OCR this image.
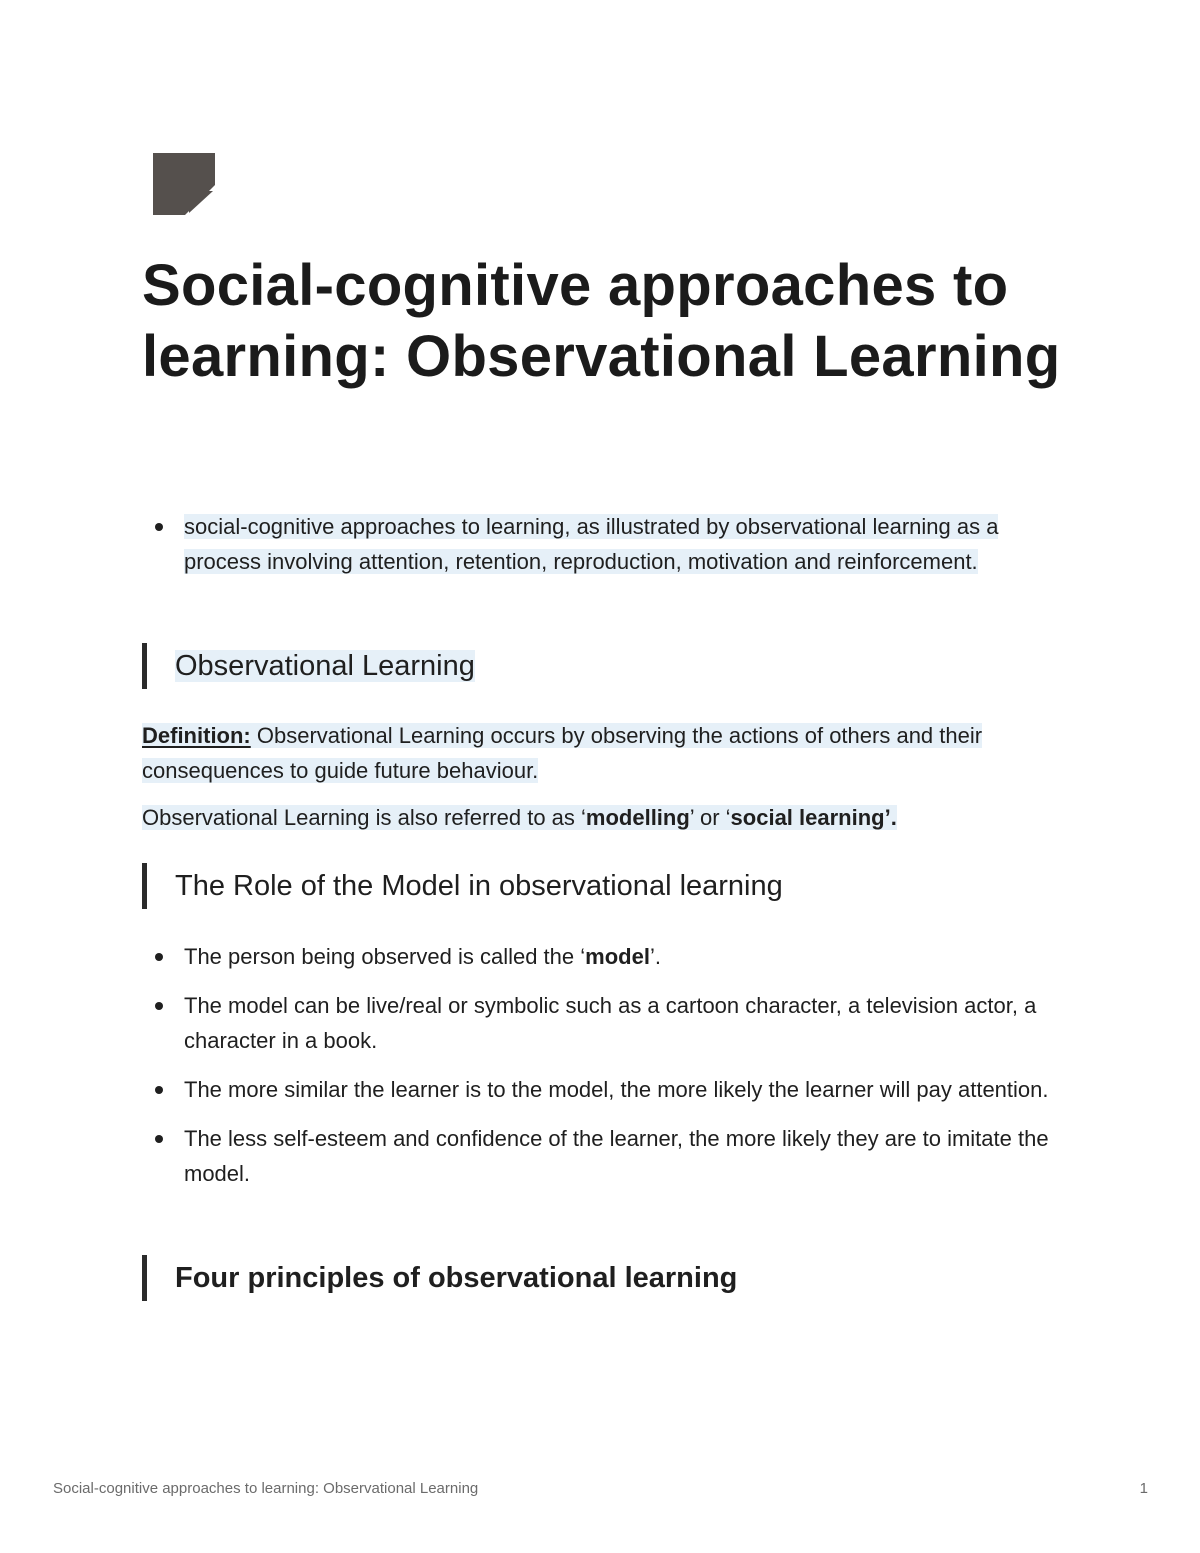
Social-cognitive approaches to learning: Observational Learning
social-cognitive approaches to learning, as illustrated by observational learning as a process involving attention, retention, reproduction, motivation and reinforcement.
Observational Learning

Definition: Observational Learning occurs by observing the actions of others and their consequences to guide future behaviour.

Observational Learning is also referred to as ‘modelling’ or ‘social learning’.

The Role of the Model in observational learning
The person being observed is called the ‘model’.
The model can be live/real or symbolic such as a cartoon character, a television actor, a character in a book.
The more similar the learner is to the model, the more likely the learner will pay attention.
The less self-esteem and confidence of the learner, the more likely they are to imitate the model.
Four principles of observational learning
Social-cognitive approaches to learning: Observational Learning	1
